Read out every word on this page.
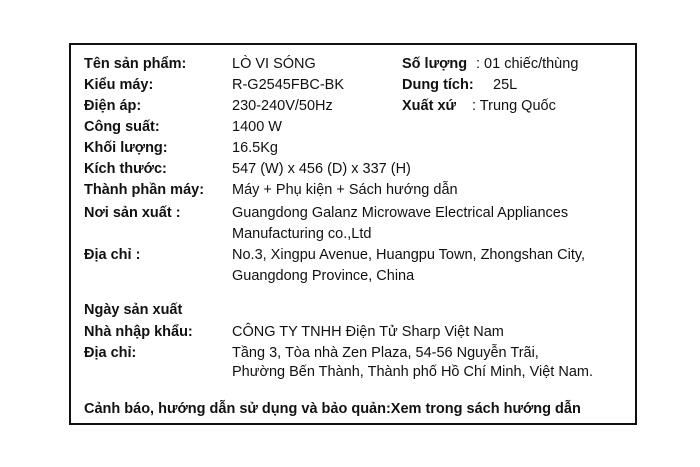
Tên sản phẩm:
Kiểu máy:
Điện áp:
Công suất:
Khối lượng:
Kích thước:
Thành phần máy:
Nơi sản xuất :
Địa chỉ :
LÒ VI SÓNG
R-G2545FBC-BK
230-240V/50Hz
1400 W
16.5Kg
547 (W) x 456 (D) x 337 (H)
Máy + Phụ kiện + Sách hướng dẫn
Guangdong Galanz Microwave Electrical Appliances
Manufacturing co.,Ltd
No.3, Xingpu Avenue, Huangpu Town, Zhongshan City,
Guangdong Province, China
Số lượng : 01 chiếc/thùng
Dung tích: 25L
Xuất xứ : Trung Quốc
Ngày sản xuất
Nhà nhập khẩu:	CÔNG TY TNHH Điện Tử Sharp Việt Nam
Địa chỉ:	Tầng 3, Tòa nhà Zen Plaza, 54-56 Nguyễn Trãi,
Phường Bến Thành, Thành phố Hồ Chí Minh, Việt Nam.
Cảnh báo, hướng dẫn sử dụng và bảo quản:Xem trong sách hướng dẫn
